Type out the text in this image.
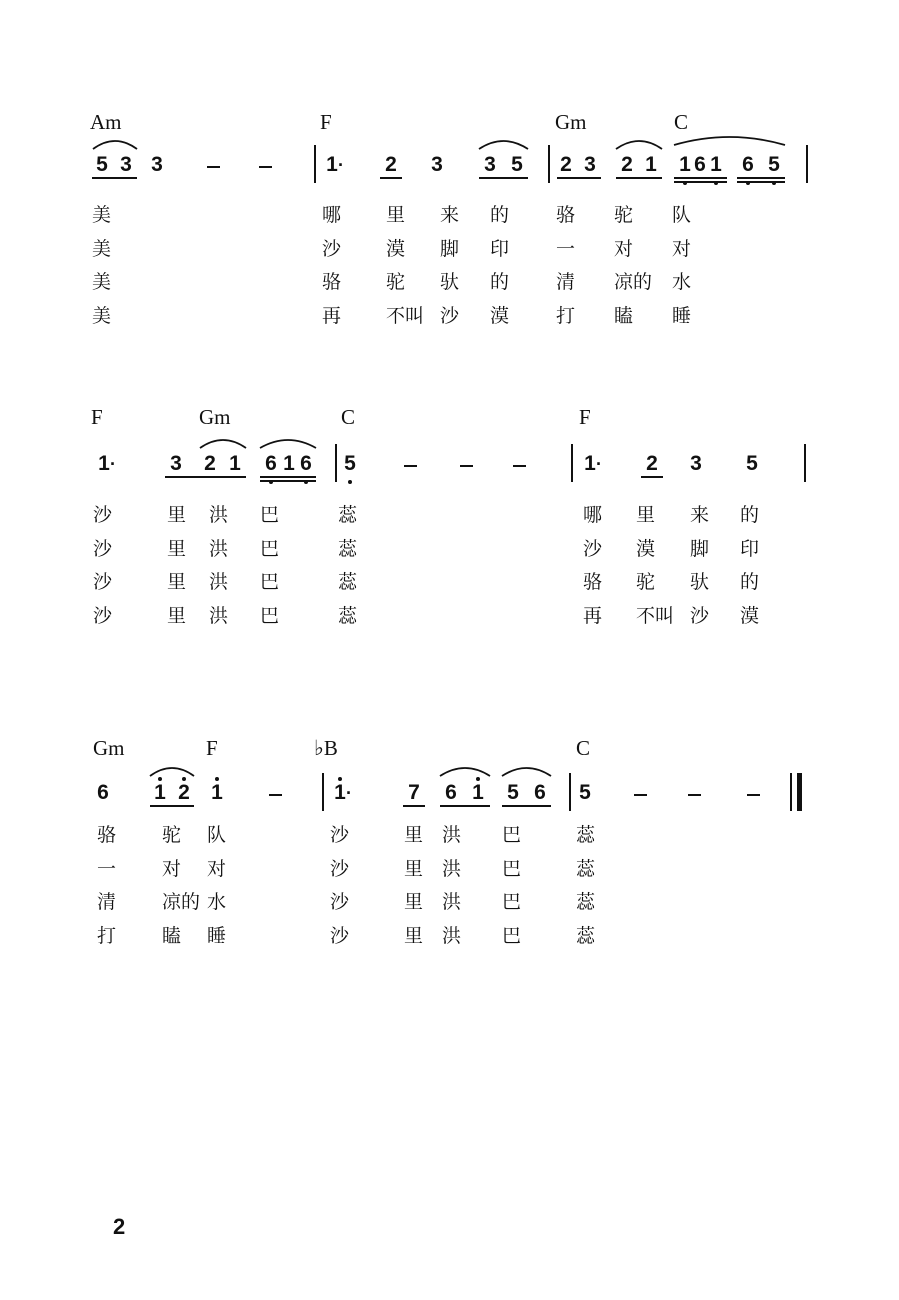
Am	F	Gm	C
5 3 3	1 · 2 3 3 5 2 3 2 1 1 6 1 6 5
美	哪 里 来 的 骆 驼 队
美	沙 漠 脚 印 一 对 对
美	骆 驼 驮 的 清 凉的 水
美	再 不叫 沙 漠 打 瞌 睡
F	Gm	C	F
1 ·	3 2 1 6 1 6 5	1 · 2 3 5
沙	里 洪 巴	蕊	哪 里 来 的
沙	里 洪 巴	蕊	沙 漠 脚 印
沙	里 洪 巴	蕊	骆 驼 驮 的
沙	里 洪 巴	蕊	再 不叫 沙 漠
Gm	F	♭B	C
6 1 2 1	1 ·	7 6 1 5 6 5
骆 驼 队	沙	里 洪 巴	蕊
一 对 对	沙	里 洪 巴	蕊
清 凉的 水	沙	里 洪 巴	蕊
打 瞌 睡	沙	里 洪 巴	蕊
2
